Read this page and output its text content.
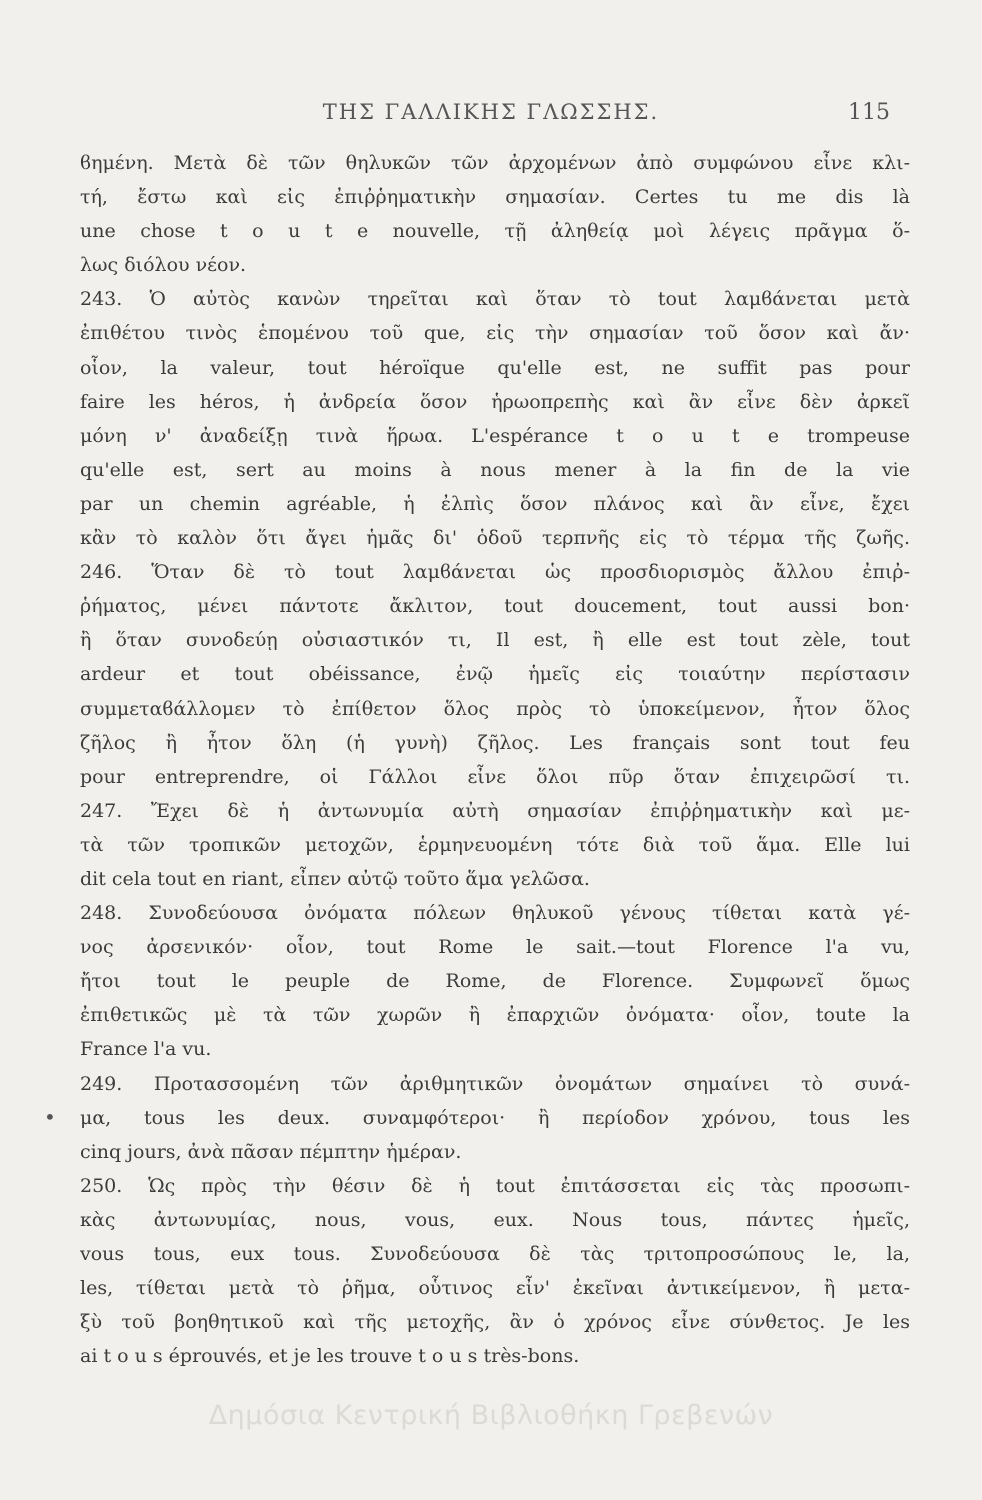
ΤΗΣ ΓΑΛΛΙΚΗΣ ΓΛΩΣΣΗΣ.	115
•
ϐημένη. Μετὰ δὲ τῶν θηλυκῶν τῶν ἀρχομένων ἀπὸ συμφώνου εἶνε κλι-
τή, ἔστω καὶ εἰς ἐπιῤῥηματικὴν σημασίαν. Certes tu me dis là
une chose t o u t e nouvelle, τῇ ἀληθείᾳ μοὶ λέγεις πρᾶγμα ὅ-
λως διόλου νέον.
243. Ὁ αὐτὸς κανὼν τηρεῖται καὶ ὅταν τὸ tout λαμϐάνεται μετὰ
ἐπιθέτου τινὸς ἑπομένου τοῦ que, εἰς τὴν σημασίαν τοῦ ὅσον καὶ ἄν·
οἷον, la valeur, tout héroïque qu'elle est, ne suffit pas pour
faire les héros, ἡ ἀνδρεία ὅσον ἡρωοπρεπὴς καὶ ἂν εἶνε δὲν ἀρκεῖ
μόνη ν' ἀναδείξῃ τινὰ ἥρωα. L'espérance t o u t e trompeuse
qu'elle est, sert au moins à nous mener à la fin de la vie
par un chemin agréable, ἡ ἐλπὶς ὅσον πλάνος καὶ ἂν εἶνε, ἔχει
κἂν τὸ καλὸν ὅτι ἄγει ἡμᾶς δι' ὁδοῦ τερπνῆς εἰς τὸ τέρμα τῆς ζωῆς.
246. Ὅταν δὲ τὸ tout λαμϐάνεται ὡς προσδιορισμὸς ἄλλου ἐπιῤ-
ῥήματος, μένει πάντοτε ἄκλιτον, tout doucement, tout aussi bon·
ἢ ὅταν συνοδεύῃ οὐσιαστικόν τι, Il est, ἢ elle est tout zèle, tout
ardeur et tout obéissance, ἐνῷ ἡμεῖς εἰς τοιαύτην περίστασιν
συμμεταϐάλλομεν τὸ ἐπίθετον ὅλος πρὸς τὸ ὑποκείμενον, ἦτον ὅλος
ζῆλος ἢ ἦτον ὅλη (ἡ γυνὴ) ζῆλος. Les français sont tout feu
pour entreprendre, οἱ Γάλλοι εἶνε ὅλοι πῦρ ὅταν ἐπιχειρῶσί τι.
247. Ἔχει δὲ ἡ ἀντωνυμία αὐτὴ σημασίαν ἐπιῤῥηματικὴν καὶ με-
τὰ τῶν τροπικῶν μετοχῶν, ἑρμηνευομένη τότε διὰ τοῦ ἅμα. Elle lui
dit cela tout en riant, εἶπεν αὐτῷ τοῦτο ἅμα γελῶσα.
248. Συνοδεύουσα ὀνόματα πόλεων θηλυκοῦ γένους τίθεται κατὰ γέ-
νος ἀρσενικόν· οἷον, tout Rome le sait.—tout Florence l'a vu,
ἤτοι tout le peuple de Rome, de Florence. Συμφωνεῖ ὅμως
ἐπιθετικῶς μὲ τὰ τῶν χωρῶν ἢ ἐπαρχιῶν ὀνόματα· οἷον, toute la
France l'a vu.
249. Προτασσομένη τῶν ἀριθμητικῶν ὀνομάτων σημαίνει τὸ συνά-
μα, tous les deux. συναμφότεροι· ἢ περίοδον χρόνου, tous les
cinq jours, ἀνὰ πᾶσαν πέμπτην ἡμέραν.
250. Ὡς πρὸς τὴν θέσιν δὲ ἡ tout ἐπιτάσσεται εἰς τὰς προσωπι-
κὰς ἀντωνυμίας, nous, vous, eux. Nous tous, πάντες ἡμεῖς,
vous tous, eux tous. Συνοδεύουσα δὲ τὰς τριτοπροσώπους le, la,
les, τίθεται μετὰ τὸ ῥῆμα, οὗτινος εἶν' ἐκεῖναι ἀντικείμενον, ἢ μετα-
ξὺ τοῦ βοηθητικοῦ καὶ τῆς μετοχῆς, ἂν ὁ χρόνος εἶνε σύνθετος. Je les
ai t o u s éprouvés, et je les trouve t o u s très-bons.
Δημόσια Κεντρική Βιβλιοθήκη Γρεβενών
